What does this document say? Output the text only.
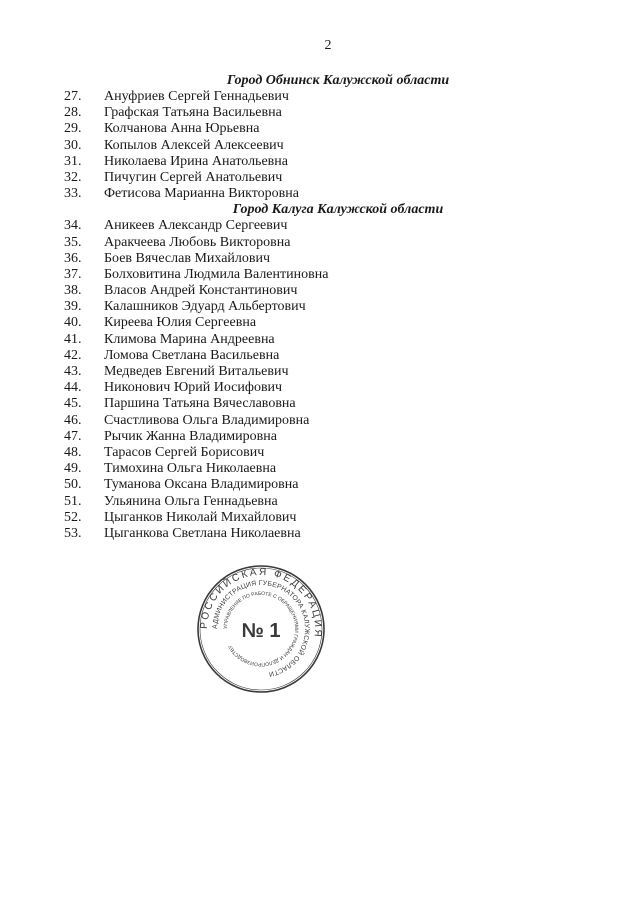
2
Город Обнинск Калужской области
27.	Ануфриев Сергей Геннадьевич
28.	Графская Татьяна Васильевна
29.	Колчанова Анна Юрьевна
30.	Копылов Алексей Алексеевич
31.	Николаева Ирина Анатольевна
32.	Пичугин Сергей Анатольевич
33.	Фетисова Марианна Викторовна
Город Калуга Калужской области
34.	Аникеев Александр Сергеевич
35.	Аракчеева Любовь Викторовна
36.	Боев Вячеслав Михайлович
37.	Болховитина Людмила Валентиновна
38.	Власов Андрей Константинович
39.	Калашников Эдуард Альбертович
40.	Киреева Юлия Сергеевна
41.	Климова Марина Андреевна
42.	Ломова Светлана Васильевна
43.	Медведев Евгений Витальевич
44.	Никонович Юрий Иосифович
45.	Паршина Татьяна Вячеславовна
46.	Счастливова Ольга Владимировна
47.	Рычик Жанна Владимировна
48.	Тарасов Сергей Борисович
49.	Тимохина Ольга Николаевна
50.	Туманова Оксана Владимировна
51.	Ульянина Ольга Геннадьевна
52.	Цыганков Николай Михайлович
53.	Цыганкова Светлана Николаевна
РОССИЙСКАЯ ФЕДЕРАЦИЯ
АДМИНИСТРАЦИЯ ГУБЕРНАТОРА КАЛУЖСКОЙ ОБЛАСТИ
УПРАВЛЕНИЕ ПО РАБОТЕ С ОБРАЩЕНИЯМИ ГРАЖДАН И ДЕЛОПРОИЗВОДСТВУ
№ 1
